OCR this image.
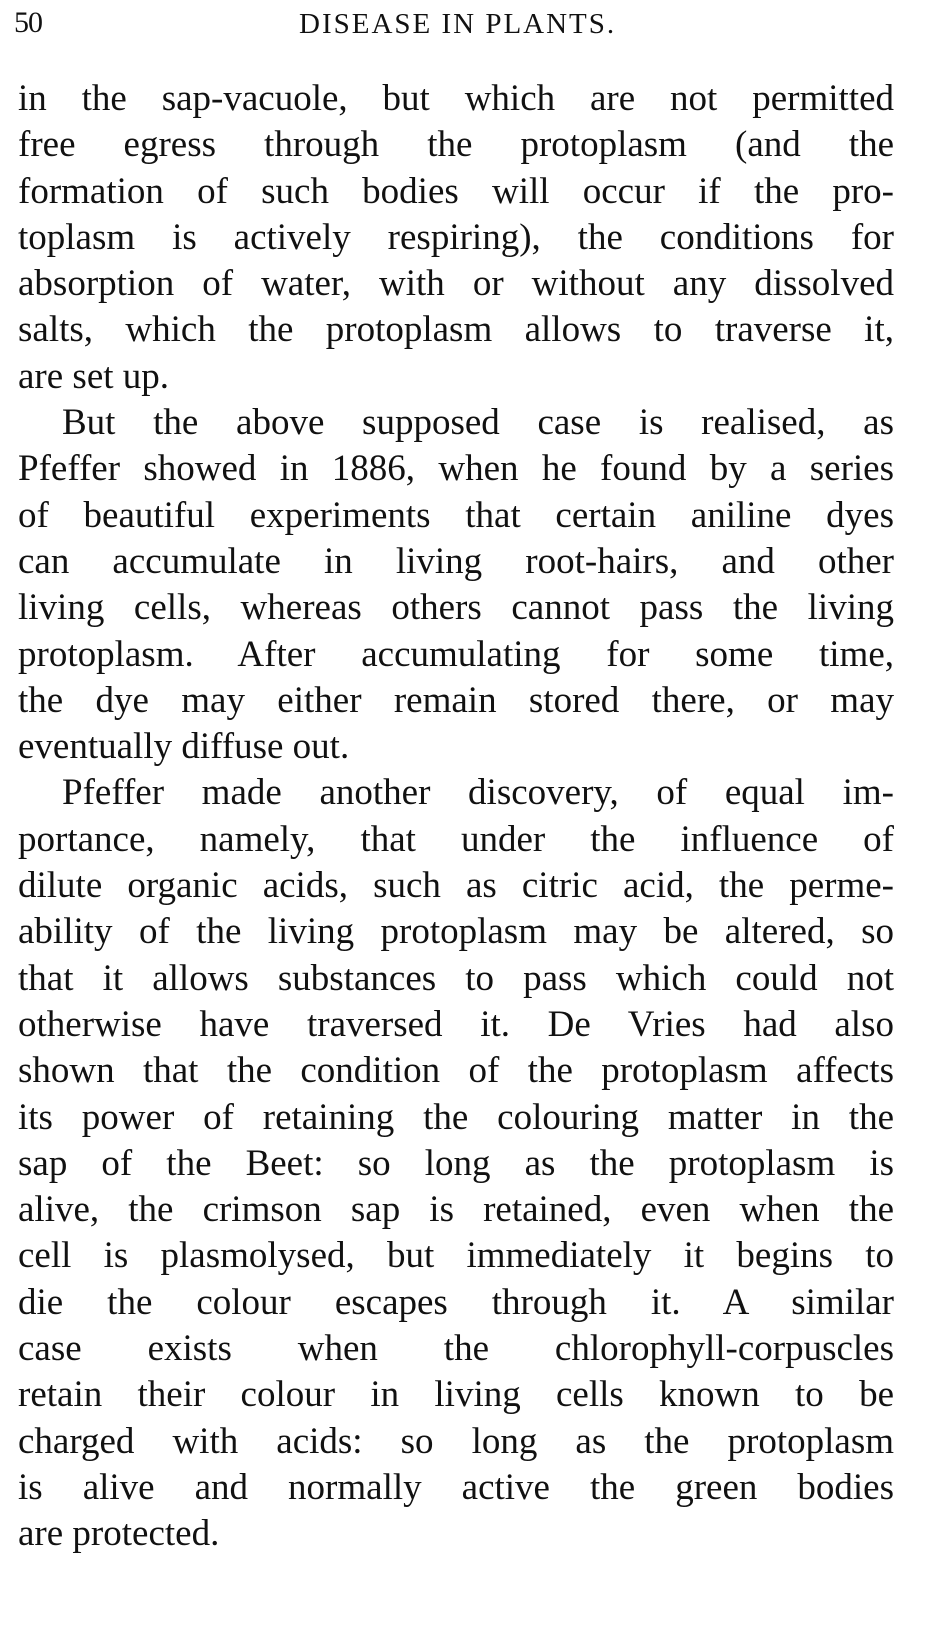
50	DISEASE IN PLANTS.
in the sap-vacuole, but which are not permitted
free egress through the protoplasm (and the
formation of such bodies will occur if the pro-
toplasm is actively respiring), the conditions for
absorption of water, with or without any dissolved
salts, which the protoplasm allows to traverse it,
are set up.
But the above supposed case is realised, as
Pfeffer showed in 1886, when he found by a series
of beautiful experiments that certain aniline dyes
can accumulate in living root-hairs, and other
living cells, whereas others cannot pass the living
protoplasm. After accumulating for some time,
the dye may either remain stored there, or may
eventually diffuse out.
Pfeffer made another discovery, of equal im-
portance, namely, that under the influence of
dilute organic acids, such as citric acid, the perme-
ability of the living protoplasm may be altered, so
that it allows substances to pass which could not
otherwise have traversed it. De Vries had also
shown that the condition of the protoplasm affects
its power of retaining the colouring matter in the
sap of the Beet: so long as the protoplasm is
alive, the crimson sap is retained, even when the
cell is plasmolysed, but immediately it begins to
die the colour escapes through it. A similar
case exists when the chlorophyll-corpuscles
retain their colour in living cells known to be
charged with acids: so long as the protoplasm
is alive and normally active the green bodies
are protected.
